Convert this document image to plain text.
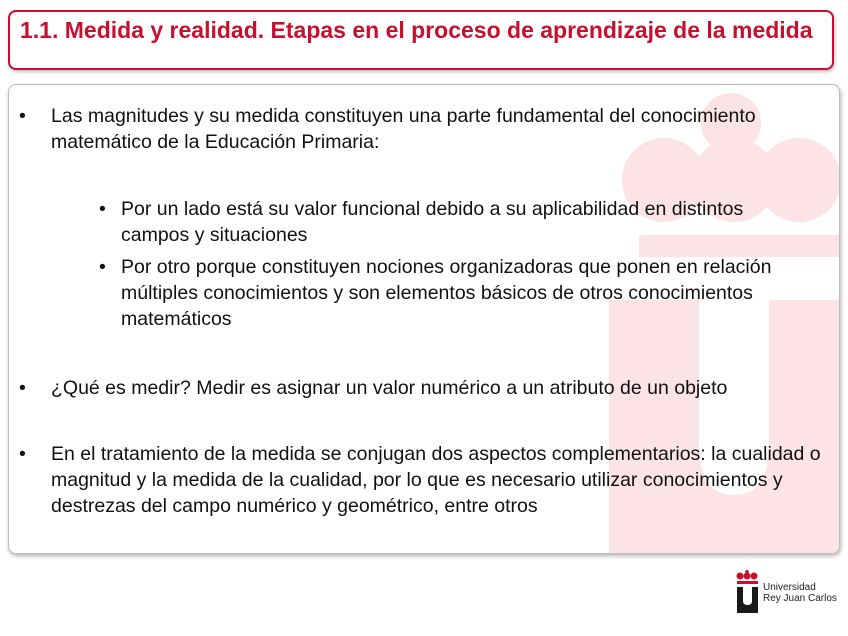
1.1. Medida y realidad. Etapas en el proceso de aprendizaje de la medida
• Las magnitudes y su medida constituyen una parte fundamental del conocimiento matemático de la Educación Primaria:
• Por un lado está su valor funcional debido a su aplicabilidad en distintos campos y situaciones
• Por otro porque constituyen nociones organizadoras que ponen en relación múltiples conocimientos y son elementos básicos de otros conocimientos matemáticos
• ¿Qué es medir? Medir es asignar un valor numérico a un atributo de un objeto
• En el tratamiento de la medida se conjugan dos aspectos complementarios: la cualidad o magnitud y la medida de la cualidad, por lo que es necesario utilizar conocimientos y destrezas del campo numérico y geométrico, entre otros
Universidad
Rey Juan Carlos
